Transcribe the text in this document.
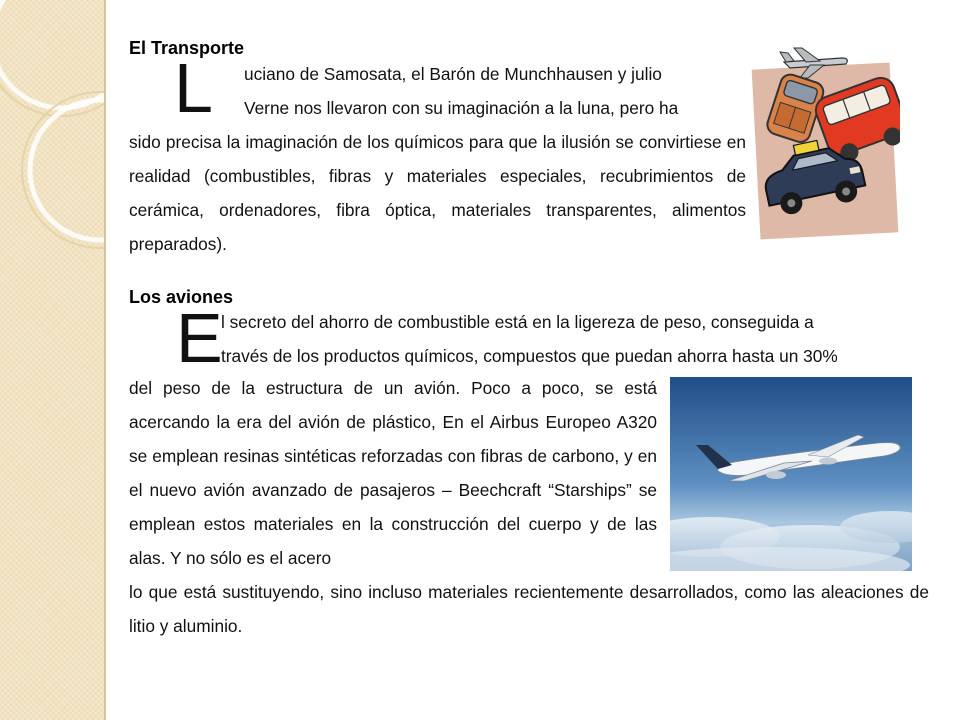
El Transporte
L uciano de Samosata, el Barón de Munchhausen y julio

Verne nos llevaron con su imaginación a la luna, pero ha

sido precisa la imaginación de los químicos para que la ilusión se convirtiese en realidad (combustibles, fibras y materiales especiales, recubrimientos de cerámica, ordenadores, fibra óptica, materiales transparentes, alimentos preparados).

Los aviones
E

l secreto del ahorro de combustible está en la ligereza de peso, conseguida a

través de los productos químicos, compuestos que puedan ahorra hasta un 30%

del peso de la estructura de un avión. Poco a poco, se está acercando la era del avión de plástico, En el Airbus Europeo A320 se emplean resinas sintéticas reforzadas con fibras de carbono, y en el nuevo avión avanzado de pasajeros – Beechcraft “Starships” se emplean estos materiales en la construcción del cuerpo y de las alas. Y no sólo es el acero

lo que está sustituyendo, sino incluso materiales recientemente desarrollados, como las aleaciones de litio y aluminio.
